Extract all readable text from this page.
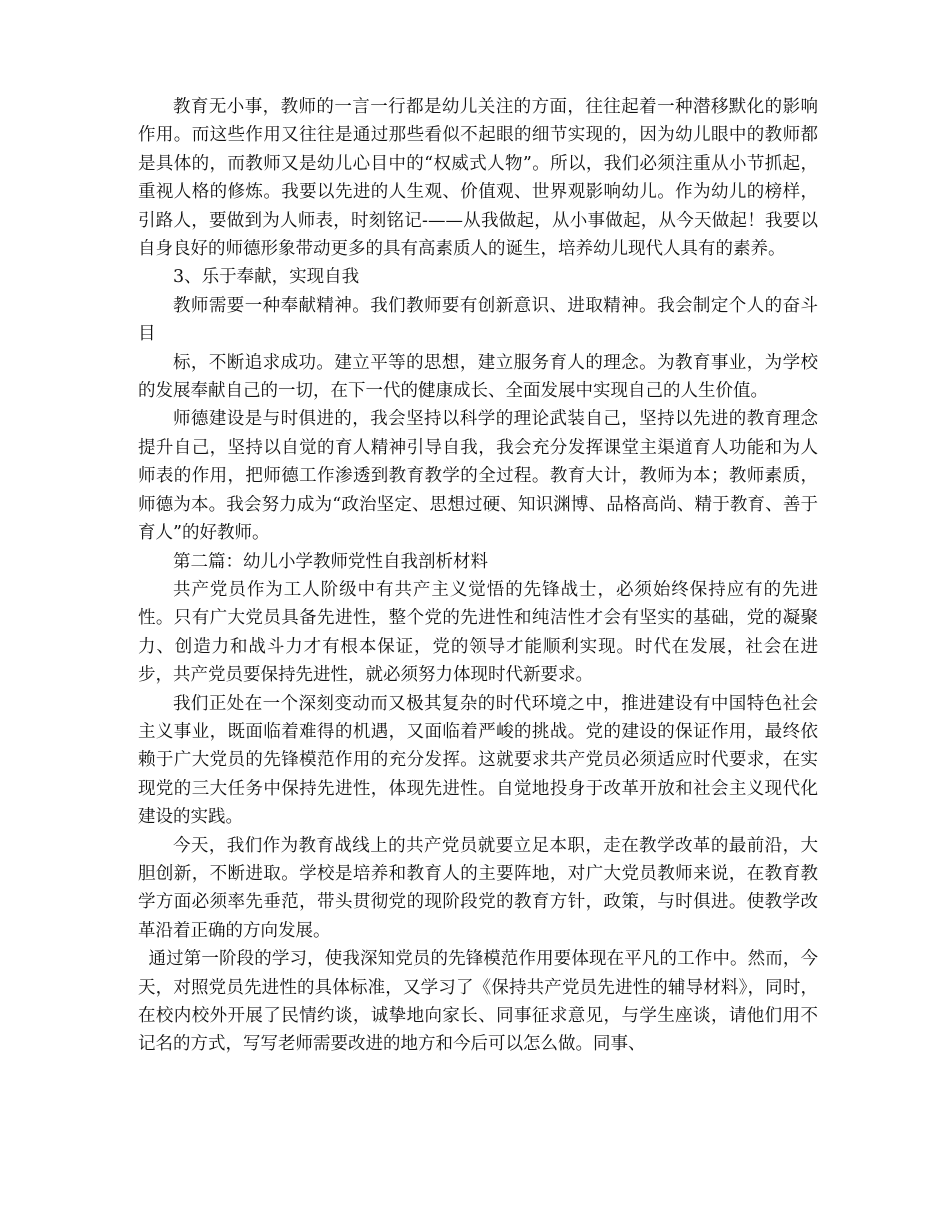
教育无小事，教师的一言一行都是幼儿关注的方面，往往起着一种潜移默化的影响作用。而这些作用又往往是通过那些看似不起眼的细节实现的，因为幼儿眼中的教师都是具体的，而教师又是幼儿心目中的“权威式人物”。所以，我们必须注重从小节抓起，重视人格的修炼。我要以先进的人生观、价值观、世界观影响幼儿。作为幼儿的榜样，引路人，要做到为人师表，时刻铭记-——从我做起，从小事做起，从今天做起！我要以自身良好的师德形象带动更多的具有高素质人的诞生，培养幼儿现代人具有的素养。

3、乐于奉献，实现自我

教师需要一种奉献精神。我们教师要有创新意识、进取精神。我会制定个人的奋斗目

标，不断追求成功。建立平等的思想，建立服务育人的理念。为教育事业，为学校的发展奉献自己的一切，在下一代的健康成长、全面发展中实现自己的人生价值。

师德建设是与时俱进的，我会坚持以科学的理论武装自己，坚持以先进的教育理念提升自己，坚持以自觉的育人精神引导自我，我会充分发挥课堂主渠道育人功能和为人师表的作用，把师德工作渗透到教育教学的全过程。教育大计，教师为本；教师素质，师德为本。我会努力成为“政治坚定、思想过硬、知识渊博、品格高尚、精于教育、善于育人”的好教师。

第二篇：幼儿小学教师党性自我剖析材料

共产党员作为工人阶级中有共产主义觉悟的先锋战士，必须始终保持应有的先进性。只有广大党员具备先进性，整个党的先进性和纯洁性才会有坚实的基础，党的凝聚力、创造力和战斗力才有根本保证，党的领导才能顺利实现。时代在发展，社会在进步，共产党员要保持先进性，就必须努力体现时代新要求。

我们正处在一个深刻变动而又极其复杂的时代环境之中，推进建设有中国特色社会主义事业，既面临着难得的机遇，又面临着严峻的挑战。党的建设的保证作用，最终依赖于广大党员的先锋模范作用的充分发挥。这就要求共产党员必须适应时代要求，在实现党的三大任务中保持先进性，体现先进性。自觉地投身于改革开放和社会主义现代化建设的实践。

今天，我们作为教育战线上的共产党员就要立足本职，走在教学改革的最前沿，大胆创新，不断进取。学校是培养和教育人的主要阵地，对广大党员教师来说，在教育教学方面必须率先垂范，带头贯彻党的现阶段党的教育方针，政策，与时俱进。使教学改革沿着正确的方向发展。

通过第一阶段的学习，使我深知党员的先锋模范作用要体现在平凡的工作中。然而，今天，对照党员先进性的具体标准，又学习了《保持共产党员先进性的辅导材料》，同时，在校内校外开展了民情约谈，诚挚地向家长、同事征求意见，与学生座谈，请他们用不记名的方式，写写老师需要改进的地方和今后可以怎么做。同事、
